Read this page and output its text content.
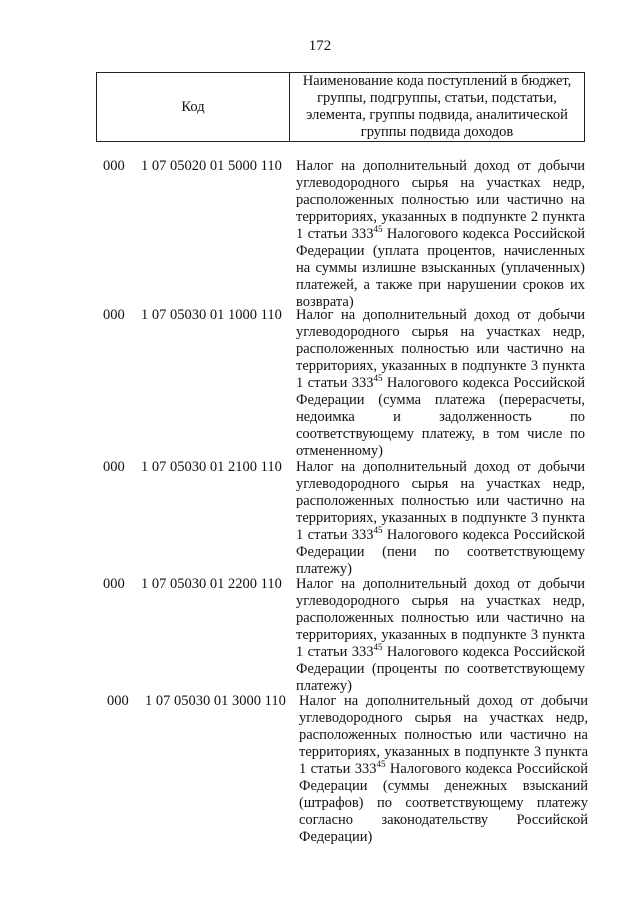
172
Код
Наименование кода поступлений в бюджет, группы, подгруппы, статьи, подстатьи, элемента, группы подвида, аналитической группы подвида доходов
000 1 07 05020 01 5000 110 Налог на дополнительный доход от добычи углеводородного сырья на участках недр, расположенных полностью или частично на территориях, указанных в подпункте 2 пункта 1 статьи $333^{45}$ Налогового кодекса Российской Федерации (уплата процентов, начисленных на суммы излишне взысканных (уплаченных) платежей, а также при нарушении сроков их возврата)
000 1 07 05030 01 1000 110 Налог на дополнительный доход от добычи углеводородного сырья на участках недр, расположенных полностью или частично на территориях, указанных в подпункте 3 пункта 1 статьи $333^{45}$ Налогового кодекса Российской Федерации (сумма платежа (перерасчеты, недоимка и задолженность по соответствующему платежу, в том числе по отмененному)
000 1 07 05030 01 2100 110 Налог на дополнительный доход от добычи углеводородного сырья на участках недр, расположенных полностью или частично на территориях, указанных в подпункте 3 пункта 1 статьи $333^{45}$ Налогового кодекса Российской Федерации (пени по соответствующему платежу)
000 1 07 05030 01 2200 110 Налог на дополнительный доход от добычи углеводородного сырья на участках недр, расположенных полностью или частично на территориях, указанных в подпункте 3 пункта 1 статьи $333^{45}$ Налогового кодекса Российской Федерации (проценты по соответствующему платежу)
000 1 07 05030 01 3000 110 Налог на дополнительный доход от добычи углеводородного сырья на участках недр, расположенных полностью или частично на территориях, указанных в подпункте 3 пункта 1 статьи $333^{45}$ Налогового кодекса Российской Федерации (суммы денежных взысканий (штрафов) по соответствующему платежу согласно законодательству Российской Федерации)
